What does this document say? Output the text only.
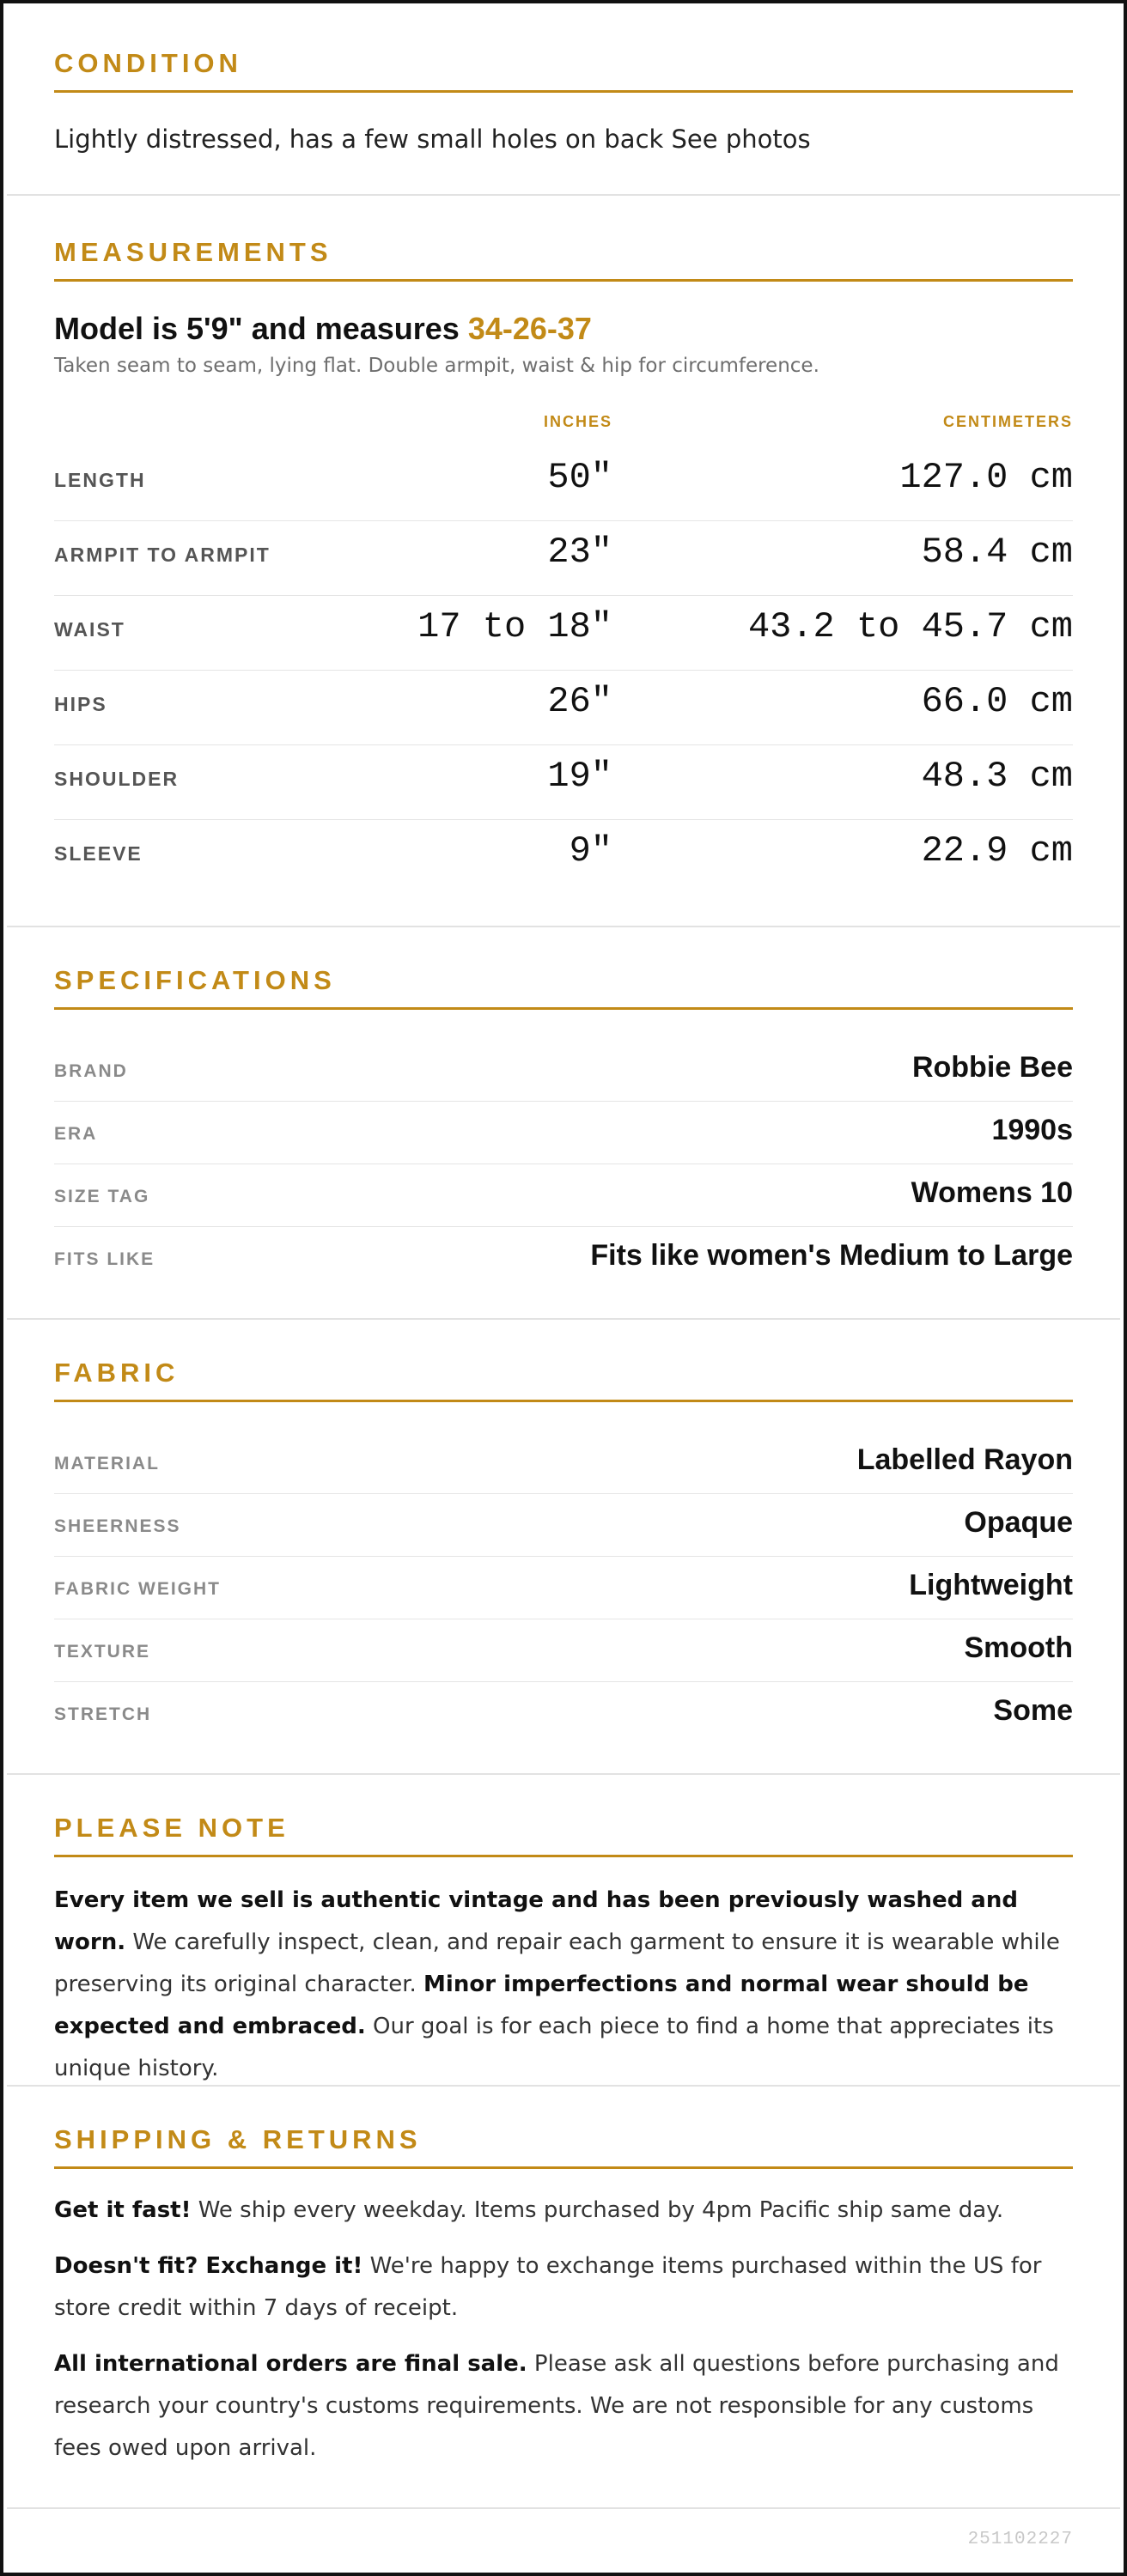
CONDITION
Lightly distressed, has a few small holes on back See photos
MEASUREMENTS
Model is 5'9" and measures 34-26-37
Taken seam to seam, lying flat. Double armpit, waist & hip for circumference.
INCHES	CENTIMETERS
LENGTH	50"	127.0 cm
ARMPIT TO ARMPIT	23"	58.4 cm
WAIST	17 to 18"	43.2 to 45.7 cm
HIPS	26"	66.0 cm
SHOULDER	19"	48.3 cm
SLEEVE	9"	22.9 cm
SPECIFICATIONS
BRAND	Robbie Bee
ERA	1990s
SIZE TAG	Womens 10
FITS LIKE	Fits like women's Medium to Large
FABRIC
MATERIAL	Labelled Rayon
SHEERNESS	Opaque
FABRIC WEIGHT	Lightweight
TEXTURE	Smooth
STRETCH	Some
PLEASE NOTE
Every item we sell is authentic vintage and has been previously washed and worn. We carefully inspect, clean, and repair each garment to ensure it is wearable while preserving its original character. Minor imperfections and normal wear should be expected and embraced. Our goal is for each piece to find a home that appreciates its unique history.
SHIPPING & RETURNS
Get it fast! We ship every weekday. Items purchased by 4pm Pacific ship same day.
Doesn't fit? Exchange it! We're happy to exchange items purchased within the US for store credit within 7 days of receipt.
All international orders are final sale. Please ask all questions before purchasing and research your country's customs requirements. We are not responsible for any customs fees owed upon arrival.
251102227
